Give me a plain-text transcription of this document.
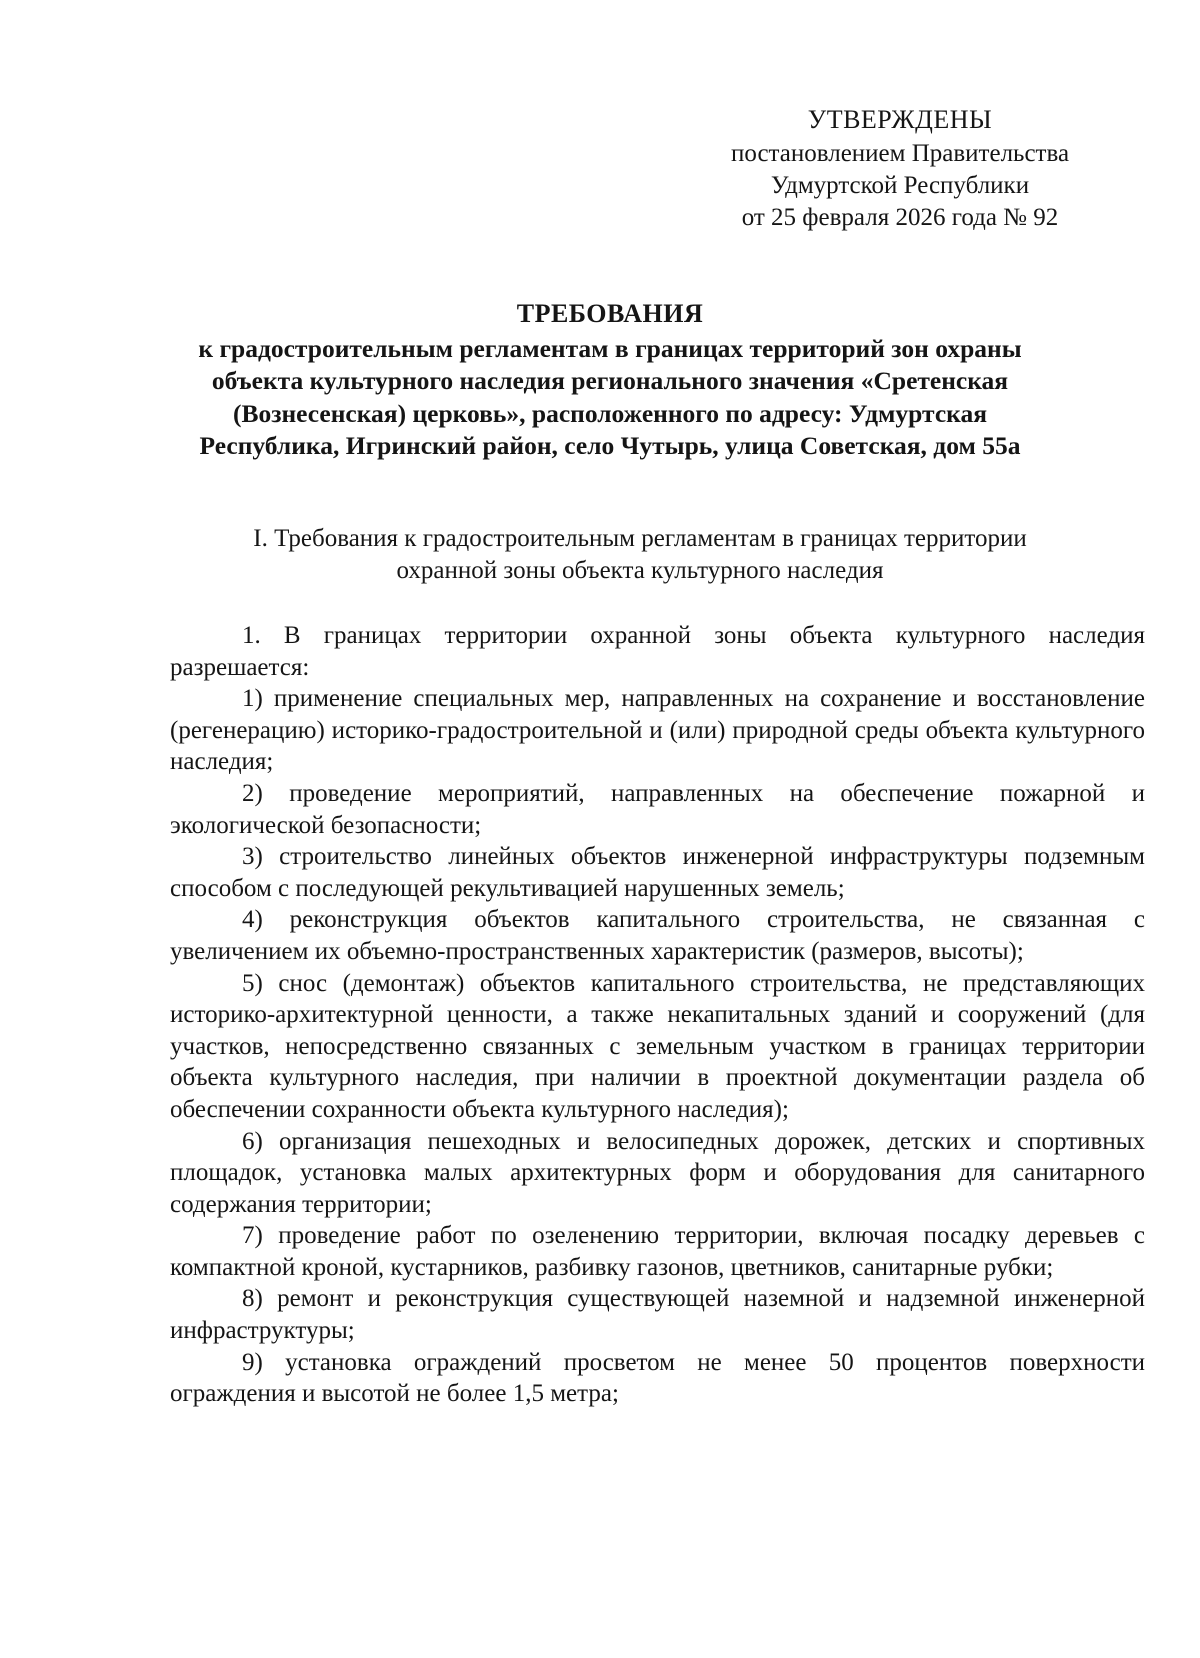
УТВЕРЖДЕНЫ
постановлением Правительства
Удмуртской Республики
от 25 февраля 2026 года № 92
ТРЕБОВАНИЯ
к градостроительным регламентам в границах территорий зон охраны
объекта культурного наследия регионального значения «Сретенская
(Вознесенская) церковь», расположенного по адресу: Удмуртская
Республика, Игринский район, село Чутырь, улица Советская, дом 55а
I. Требования к градостроительным регламентам в границах территории
охранной зоны объекта культурного наследия

1. В границах территории охранной зоны объекта культурного наследия разрешается:

1) применение специальных мер, направленных на сохранение и восстановление (регенерацию) историко-градостроительной и (или) природной среды объекта культурного наследия;

2) проведение мероприятий, направленных на обеспечение пожарной и экологической безопасности;

3) строительство линейных объектов инженерной инфраструктуры подземным способом с последующей рекультивацией нарушенных земель;

4) реконструкция объектов капитального строительства, не связанная с увеличением их объемно-пространственных характеристик (размеров, высоты);

5) снос (демонтаж) объектов капитального строительства, не представляющих историко-архитектурной ценности, а также некапитальных зданий и сооружений (для участков, непосредственно связанных с земельным участком в границах территории объекта культурного наследия, при наличии в проектной документации раздела об обеспечении сохранности объекта культурного наследия);

6) организация пешеходных и велосипедных дорожек, детских и спортивных площадок, установка малых архитектурных форм и оборудования для санитарного содержания территории;

7) проведение работ по озеленению территории, включая посадку деревьев с компактной кроной, кустарников, разбивку газонов, цветников, санитарные рубки;

8) ремонт и реконструкция существующей наземной и надземной инженерной инфраструктуры;

9) установка ограждений просветом не менее 50 процентов поверхности ограждения и высотой не более 1,5 метра;
